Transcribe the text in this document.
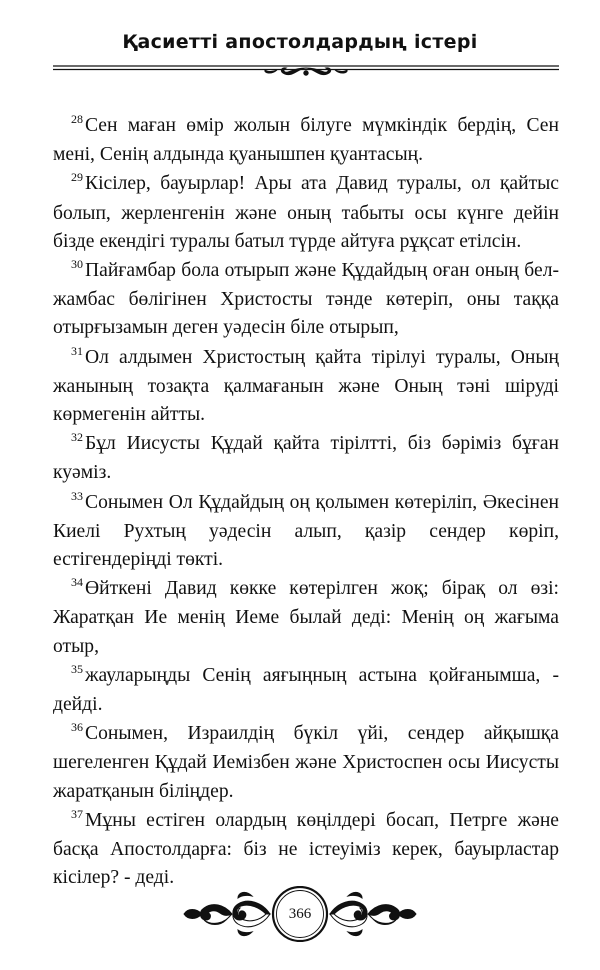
Қасиетті апостолдардың істері

$^{28}$ Сен маған өмір жолын білуге мүмкіндік бердің, Сен мені, Сенің алдында қуанышпен қуантасың.

$^{29}$ Кісілер, бауырлар! Ары ата Давид туралы, ол қайтыс болып, жерленгенін және оның табыты осы күнге дейін бізде екендігі туралы батыл түрде айтуға рұқсат етілсін.

$^{30}$ Пайғамбар бола отырып және Құдайдың оған оның бел-жамбас бөлігінен Христосты тәнде көтеріп, оны таққа отырғызамын деген уәдесін біле отырып,

$^{31}$ Ол алдымен Христостың қайта тірілуі туралы, Оның жанының тозақта қалмағанын және Оның тәні шіруді көрмегенін айтты.

$^{32}$ Бұл Иисусты Құдай қайта тірілтті, біз бәріміз бұған куәміз.

$^{33}$ Сонымен Ол Құдайдың оң қолымен көтеріліп, Әкесінен Киелі Рухтың уәдесін алып, қазір сендер көріп, естігендеріңді төкті.

$^{34}$ Өйткені Давид көкке көтерілген жоқ; бірақ ол өзі: Жаратқан Ие менің Иеме былай деді: Менің оң жағыма отыр,

$^{35}$ жауларыңды Сенің аяғыңның астына қойғанымша, - дейді.

$^{36}$ Сонымен, Израилдің бүкіл үйі, сендер айқышқа шегеленген Құдай Иемізбен және Христоспен осы Иисусты жаратқанын біліңдер.

$^{37}$ Мұны естіген олардың көңілдері босап, Петрге және басқа Апостолдарға: біз не істеуіміз керек, бауырластар кісілер? - деді.

366
